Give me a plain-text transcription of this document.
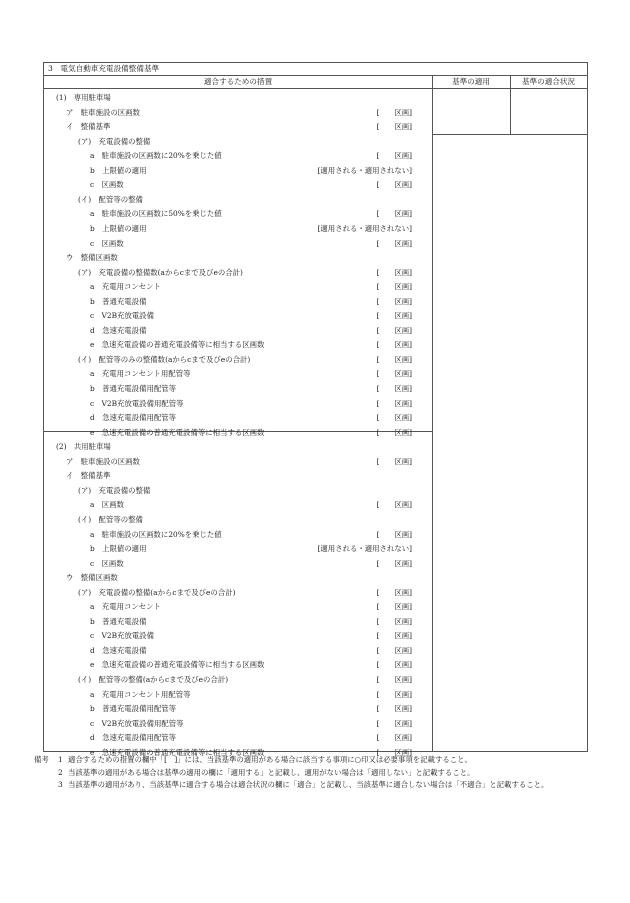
3　電気自動車充電設備整備基準
適合するための措置	基準の適用	基準の適合状況
(1)　専用駐車場
ア　駐車施設の区画数	[　　区画]
イ　整備基準	[　　区画]
(ア)　充電設備の整備
a　駐車施設の区画数に20%を乗じた値	[　　区画]
b　上限値の適用	[適用される・適用されない]
c　区画数	[　　区画]
(イ)　配管等の整備
a　駐車施設の区画数に50%を乗じた値	[　　区画]
b　上限値の適用	[適用される・適用されない]
c　区画数	[　　区画]
ウ　整備区画数
(ア)　充電設備の整備数(aからcまで及びeの合計)	[　　区画]
a　充電用コンセント	[　　区画]
b　普通充電設備	[　　区画]
c　V2B充放電設備	[　　区画]
d　急速充電設備	[　　区画]
e　急速充電設備の普通充電設備等に相当する区画数	[　　区画]
(イ)　配管等のみの整備数(aからcまで及びeの合計)	[　　区画]
a　充電用コンセント用配管等	[　　区画]
b　普通充電設備用配管等	[　　区画]
c　V2B充放電設備用配管等	[　　区画]
d　急速充電設備用配管等	[　　区画]
e　急速充電設備の普通充電設備等に相当する区画数	[　　区画]
(2)　共用駐車場
ア　駐車施設の区画数	[　　区画]
イ　整備基準
(ア)　充電設備の整備
a　区画数	[　　区画]
(イ)　配管等の整備
a　駐車施設の区画数に20%を乗じた値	[　　区画]
b　上限値の適用	[適用される・適用されない]
c　区画数	[　　区画]
ウ　整備区画数
(ア)　充電設備の整備(aからcまで及びeの合計)	[　　区画]
a　充電用コンセント	[　　区画]
b　普通充電設備	[　　区画]
c　V2B充放電設備	[　　区画]
d　急速充電設備	[　　区画]
e　急速充電設備の普通充電設備等に相当する区画数	[　　区画]
(イ)　配管等の整備(aからcまで及びeの合計)	[　　区画]
a　充電用コンセント用配管等	[　　区画]
b　普通充電設備用配管等	[　　区画]
c　V2B充放電設備用配管等	[　　区画]
d　急速充電設備用配管等	[　　区画]
e　急速充電設備の普通充電設備等に相当する区画数	[　　区画]
備考 1 適合するための措置の欄中「[　]」には、当該基準の適用がある場合に該当する事項に○印又は必要事項を記載すること。
2 当該基準の適用がある場合は基準の適用の欄に「適用する」と記載し、適用がない場合は「適用しない」と記載すること。
3 当該基準の適用があり、当該基準に適合する場合は適合状況の欄に「適合」と記載し、当該基準に適合しない場合は「不適合」と記載すること。
